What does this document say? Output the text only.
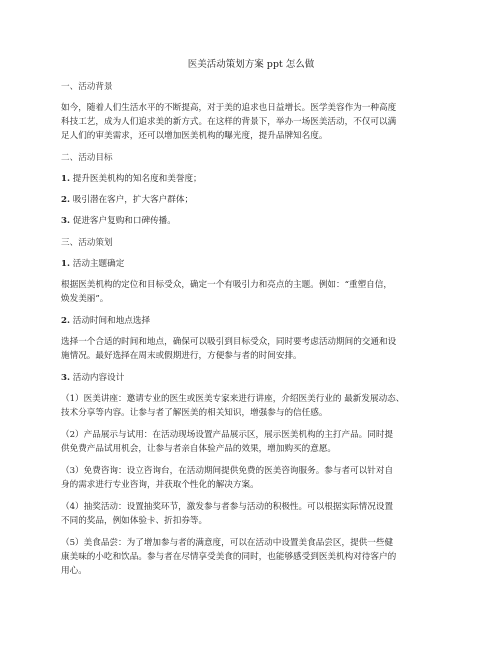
医美活动策划方案 ppt 怎么做
一、活动背景
如今，随着人们生活水平的不断提高，对于美的追求也日益增长。医学美容作为一种高度
科技工艺，成为人们追求美的新方式。在这样的背景下，举办一场医美活动，不仅可以满
足人们的审美需求，还可以增加医美机构的曝光度，提升品牌知名度。
二、活动目标
1. 提升医美机构的知名度和美誉度；
2. 吸引潜在客户，扩大客户群体；
3. 促进客户复购和口碑传播。
三、活动策划
1. 活动主题确定
根据医美机构的定位和目标受众，确定一个有吸引力和亮点的主题。例如：“重塑自信，
焕发美丽”。
2. 活动时间和地点选择
选择一个合适的时间和地点，确保可以吸引到目标受众，同时要考虑活动期间的交通和设
施情况。最好选择在周末或假期进行，方便参与者的时间安排。
3. 活动内容设计
（1）医美讲座：邀请专业的医生或医美专家来进行讲座，介绍医美行业的 最新发展动态、
技术分享等内容。让参与者了解医美的相关知识，增强参与的信任感。
（2）产品展示与试用：在活动现场设置产品展示区，展示医美机构的主打产品。同时提
供免费产品试用机会，让参与者亲自体验产品的效果，增加购买的意愿。
（3）免费咨询：设立咨询台，在活动期间提供免费的医美咨询服务。参与者可以针对自
身的需求进行专业咨询，并获取个性化的解决方案。
（4）抽奖活动：设置抽奖环节，激发参与者参与活动的积极性。可以根据实际情况设置
不同的奖品，例如体验卡、折扣券等。
（5）美食品尝：为了增加参与者的满意度，可以在活动中设置美食品尝区，提供一些健
康美味的小吃和饮品。参与者在尽情享受美食的同时，也能够感受到医美机构对待客户的
用心。
